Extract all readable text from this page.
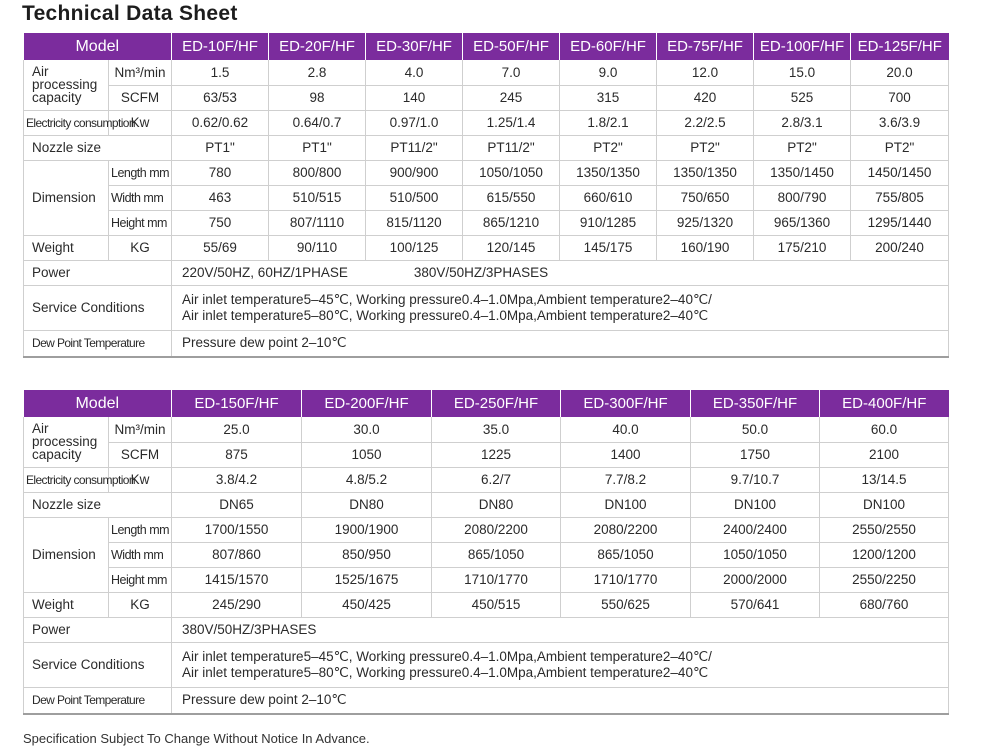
Technical Data Sheet
Model		ED-10F/HF	ED-20F/HF	ED-30F/HF	ED-50F/HF	ED-60F/HF	ED-75F/HF	ED-100F/HF	ED-125F/HF
Air processing capacity	Nm³/min	1.5	2.8	4.0	7.0	9.0	12.0	15.0	20.0
	SCFM	63/53	98	140	245	315	420	525	700
Electricity consumption	Kw	0.62/0.62	0.64/0.7	0.97/1.0	1.25/1.4	1.8/2.1	2.2/2.5	2.8/3.1	3.6/3.9
Nozzle size		PT1"	PT1"	PT11/2"	PT11/2"	PT2"	PT2"	PT2"	PT2"
Dimension	Length mm	780	800/800	900/900	1050/1050	1350/1350	1350/1350	1350/1450	1450/1450
	Width mm	463	510/515	510/500	615/550	660/610	750/650	800/790	755/805
	Height mm	750	807/1110	815/1120	865/1210	910/1285	925/1320	965/1360	1295/1440
Weight	KG	55/69	90/110	100/125	120/145	145/175	160/190	175/210	200/240
Power		220V/50HZ, 60HZ/1PHASE 380V/50HZ/3PHASES							
Service Conditions		Air inlet temperature5–45℃, Working pressure0.4–1.0Mpa,Ambient temperature2–40℃/
Air inlet temperature5–80℃, Working pressure0.4–1.0Mpa,Ambient temperature2–40℃							

Dew Point Temperature		Pressure dew point 2–10℃							
Model		ED-150F/HF	ED-200F/HF	ED-250F/HF	ED-300F/HF	ED-350F/HF	ED-400F/HF
Air processing capacity	Nm³/min	25.0	30.0	35.0	40.0	50.0	60.0
	SCFM	875	1050	1225	1400	1750	2100
Electricity consumption	Kw	3.8/4.2	4.8/5.2	6.2/7	7.7/8.2	9.7/10.7	13/14.5
Nozzle size		DN65	DN80	DN80	DN100	DN100	DN100
Dimension	Length mm	1700/1550	1900/1900	2080/2200	2080/2200	2400/2400	2550/2550
	Width mm	807/860	850/950	865/1050	865/1050	1050/1050	1200/1200
	Height mm	1415/1570	1525/1675	1710/1770	1710/1770	2000/2000	2550/2250
Weight	KG	245/290	450/425	450/515	550/625	570/641	680/760
Power		380V/50HZ/3PHASES					
Service Conditions		Air inlet temperature5–45℃, Working pressure0.4–1.0Mpa,Ambient temperature2–40℃/
Air inlet temperature5–80℃, Working pressure0.4–1.0Mpa,Ambient temperature2–40℃					

Dew Point Temperature		Pressure dew point 2–10℃					
Specification Subject To Change Without Notice In Advance.
